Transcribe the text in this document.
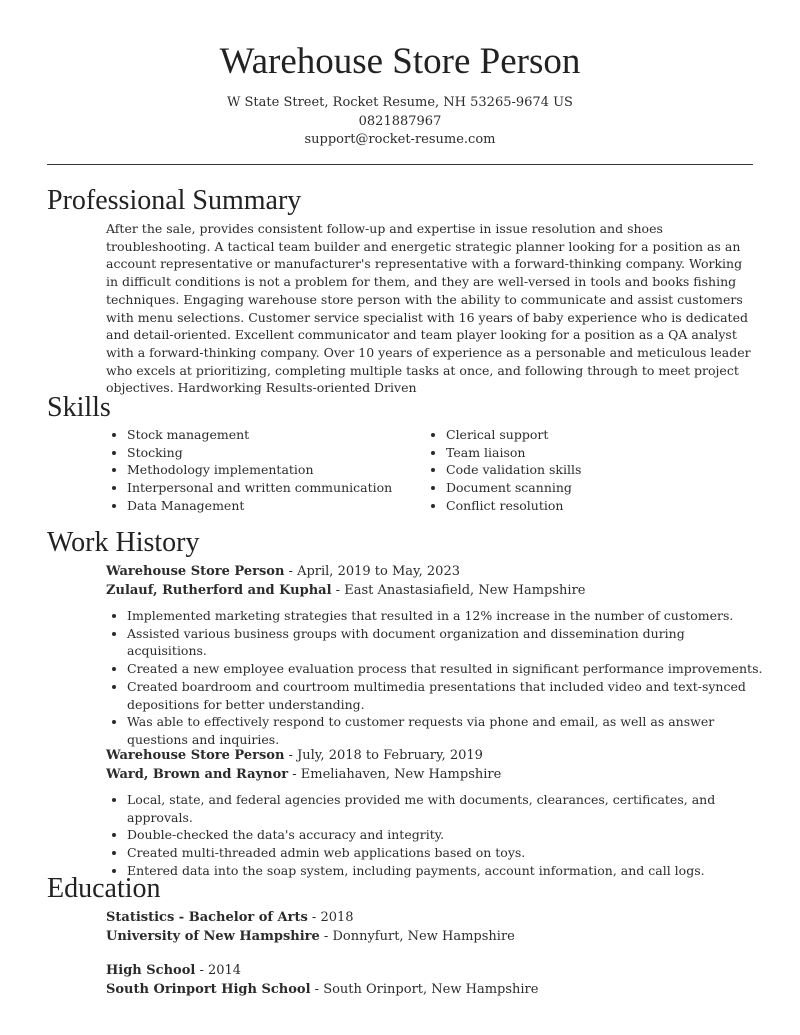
Warehouse Store Person
W State Street, Rocket Resume, NH 53265-9674 US
0821887967
support@rocket-resume.com
Professional Summary
After the sale, provides consistent follow-up and expertise in issue resolution and shoes troubleshooting. A tactical team builder and energetic strategic planner looking for a position as an account representative or manufacturer's representative with a forward-thinking company. Working in difficult conditions is not a problem for them, and they are well-versed in tools and books fishing techniques. Engaging warehouse store person with the ability to communicate and assist customers with menu selections. Customer service specialist with 16 years of baby experience who is dedicated and detail-oriented. Excellent communicator and team player looking for a position as a QA analyst with a forward-thinking company. Over 10 years of experience as a personable and meticulous leader who excels at prioritizing, completing multiple tasks at once, and following through to meet project objectives. Hardworking Results-oriented Driven
Skills
• Stock management
• Stocking
• Methodology implementation
• Interpersonal and written communication
• Data Management
• Clerical support
• Team liaison
• Code validation skills
• Document scanning
• Conflict resolution
Work History
Warehouse Store Person - April, 2019 to May, 2023
Zulauf, Rutherford and Kuphal - East Anastasiafield, New Hampshire
• Implemented marketing strategies that resulted in a 12% increase in the number of customers.
• Assisted various business groups with document organization and dissemination during acquisitions.
• Created a new employee evaluation process that resulted in significant performance improvements.
• Created boardroom and courtroom multimedia presentations that included video and text-synced depositions for better understanding.
• Was able to effectively respond to customer requests via phone and email, as well as answer questions and inquiries.
Warehouse Store Person - July, 2018 to February, 2019
Ward, Brown and Raynor - Emeliahaven, New Hampshire
• Local, state, and federal agencies provided me with documents, clearances, certificates, and approvals.
• Double-checked the data's accuracy and integrity.
• Created multi-threaded admin web applications based on toys.
• Entered data into the soap system, including payments, account information, and call logs.
Education
Statistics - Bachelor of Arts - 2018
University of New Hampshire - Donnyfurt, New Hampshire
High School - 2014
South Orinport High School - South Orinport, New Hampshire
